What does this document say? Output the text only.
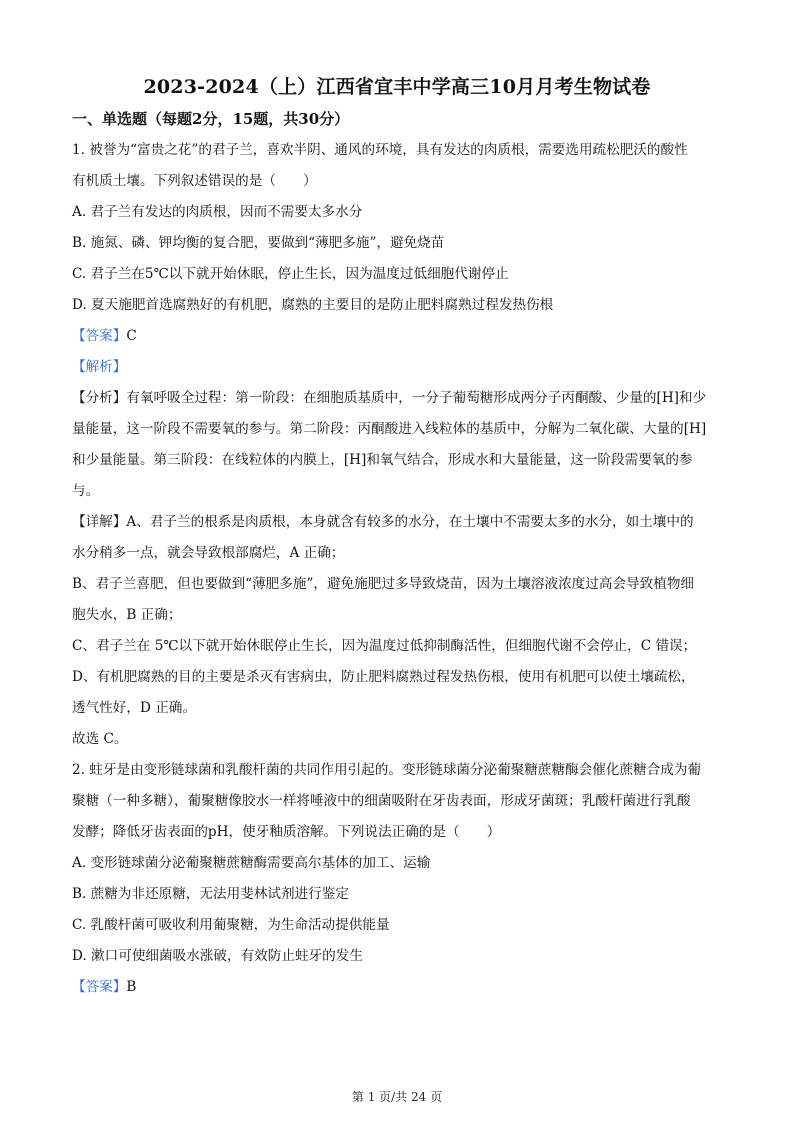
2023-2024（上）江西省宜丰中学高三10月月考生物试卷
一、单选题（每题2分，15题，共30分）
1. 被誉为“富贵之花”的君子兰，喜欢半阴、通风的环境，具有发达的肉质根，需要选用疏松肥沃的酸性
有机质土壤。下列叙述错误的是（　　）
A. 君子兰有发达的肉质根，因而不需要太多水分
B. 施氮、磷、钾均衡的复合肥，要做到“薄肥多施”，避免烧苗
C. 君子兰在5℃以下就开始休眠，停止生长，因为温度过低细胞代谢停止
D. 夏天施肥首选腐熟好的有机肥，腐熟的主要目的是防止肥料腐熟过程发热伤根
【答案】C
【解析】
【分析】有氧呼吸全过程：第一阶段：在细胞质基质中，一分子葡萄糖形成两分子丙酮酸、少量的[H]和少
量能量，这一阶段不需要氧的参与。第二阶段：丙酮酸进入线粒体的基质中，分解为二氧化碳、大量的[H]
和少量能量。第三阶段：在线粒体的内膜上，[H]和氧气结合，形成水和大量能量，这一阶段需要氧的参
与。
【详解】A、君子兰的根系是肉质根，本身就含有较多的水分，在土壤中不需要太多的水分，如土壤中的
水分稍多一点，就会导致根部腐烂，A 正确；
B、君子兰喜肥，但也要做到“薄肥多施”，避免施肥过多导致烧苗，因为土壤溶液浓度过高会导致植物细
胞失水，B 正确；
C、君子兰在 5℃以下就开始休眠停止生长，因为温度过低抑制酶活性，但细胞代谢不会停止，C 错误；
D、有机肥腐熟的目的主要是杀灭有害病虫，防止肥料腐熟过程发热伤根，使用有机肥可以使土壤疏松，
透气性好，D 正确。
故选 C。
2. 蛀牙是由变形链球菌和乳酸杆菌的共同作用引起的。变形链球菌分泌葡聚糖蔗糖酶会催化蔗糖合成为葡
聚糖（一种多糖），葡聚糖像胶水一样将唾液中的细菌吸附在牙齿表面，形成牙菌斑；乳酸杆菌进行乳酸
发酵；降低牙齿表面的pH，使牙釉质溶解。下列说法正确的是（　　）
A. 变形链球菌分泌葡聚糖蔗糖酶需要高尔基体的加工、运输
B. 蔗糖为非还原糖，无法用斐林试剂进行鉴定
C. 乳酸杆菌可吸收利用葡聚糖，为生命活动提供能量
D. 漱口可使细菌吸水涨破，有效防止蛀牙的发生
【答案】B
第 1 页/共 24 页
